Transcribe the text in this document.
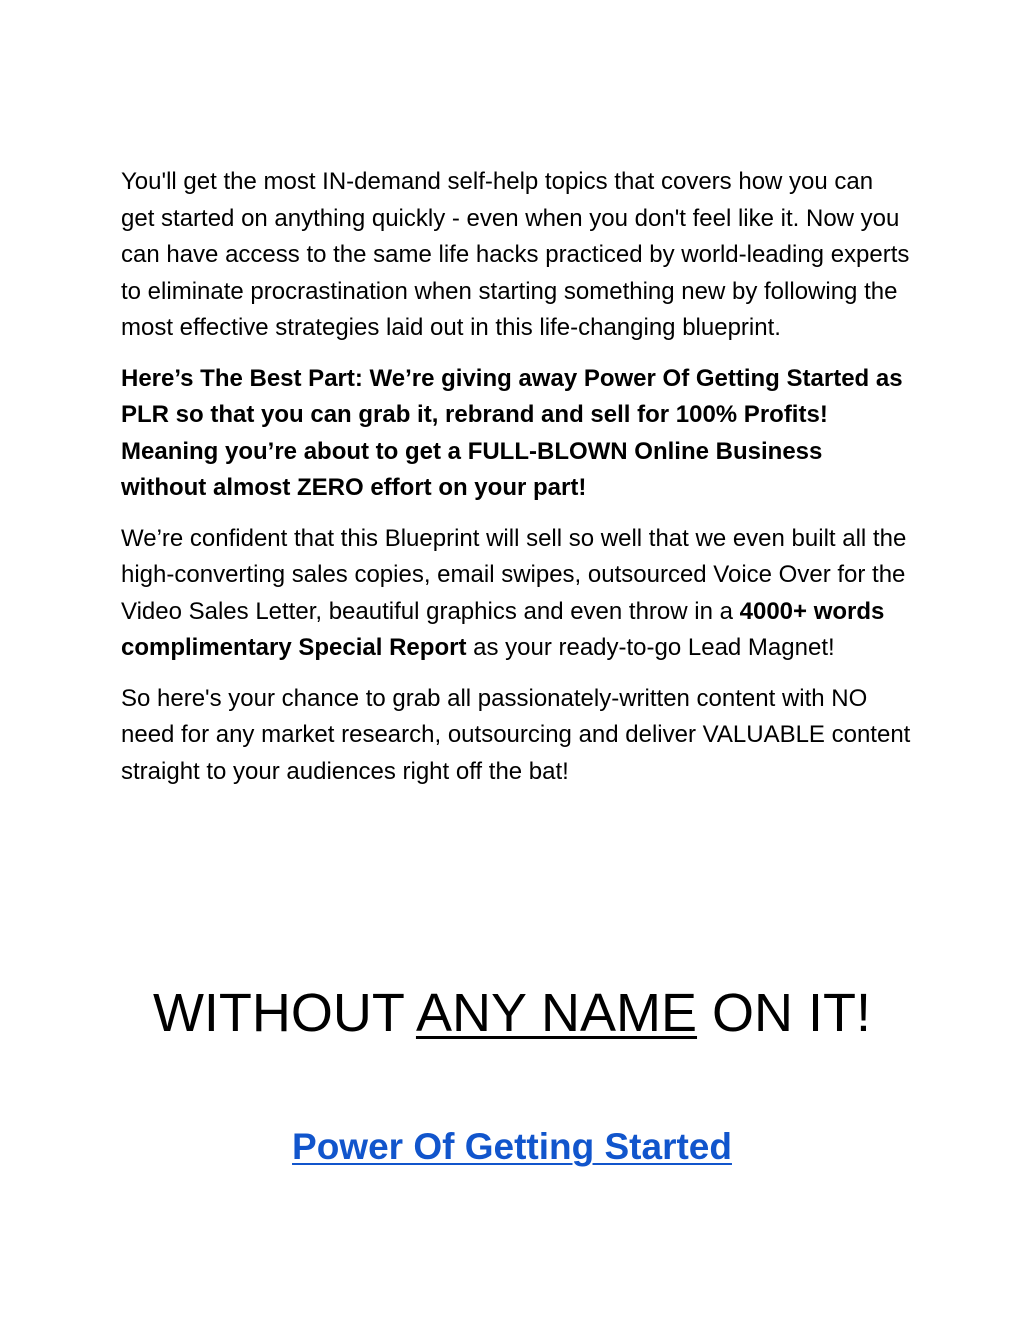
You'll get the most IN-demand self-help topics that covers how you can get started on anything quickly - even when you don't feel like it. Now you can have access to the same life hacks practiced by world-leading experts to eliminate procrastination when starting something new by following the most effective strategies laid out in this life-changing blueprint.

Here’s The Best Part: We’re giving away Power Of Getting Started as PLR so that you can grab it, rebrand and sell for 100% Profits!

Meaning you’re about to get a FULL-BLOWN Online Business without almost ZERO effort on your part!

We’re confident that this Blueprint will sell so well that we even built all the high-converting sales copies, email swipes, outsourced Voice Over for the Video Sales Letter, beautiful graphics and even throw in a 4000+ words complimentary Special Report as your ready-to-go Lead Magnet!

So here's your chance to grab all passionately-written content with NO need for any market research, outsourcing and deliver VALUABLE content straight to your audiences right off the bat!

WITHOUT ANY NAME ON IT!
Power Of Getting Started
